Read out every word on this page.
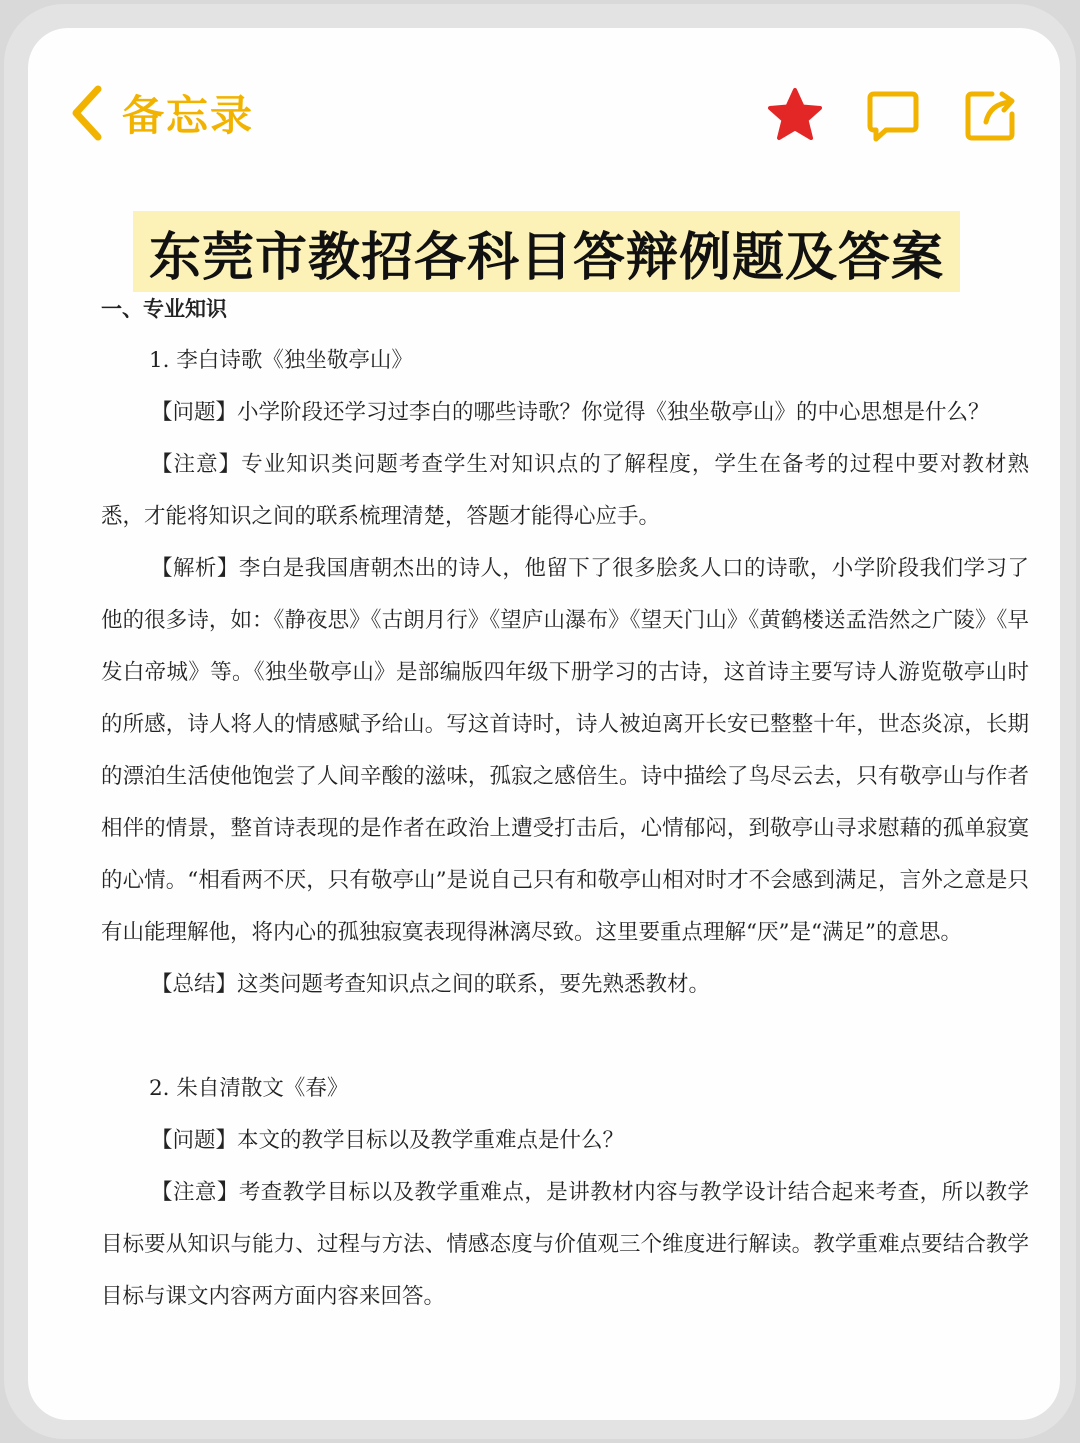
备忘录
东莞市教招各科目答辩例题及答案

一、专业知识

1. 李白诗歌《独坐敬亭山》

【问题】小学阶段还学习过李白的哪些诗歌？你觉得《独坐敬亭山》的中心思想是什么？

【注意】专业知识类问题考查学生对知识点的了解程度，学生在备考的过程中要对教材熟悉，才能将知识之间的联系梳理清楚，答题才能得心应手。

【解析】李白是我国唐朝杰出的诗人，他留下了很多脍炙人口的诗歌，小学阶段我们学习了他的很多诗，如：《静夜思》《古朗月行》《望庐山瀑布》《望天门山》《黄鹤楼送孟浩然之广陵》《早发白帝城》等。《独坐敬亭山》是部编版四年级下册学习的古诗，这首诗主要写诗人游览敬亭山时的所感，诗人将人的情感赋予给山。写这首诗时，诗人被迫离开长安已整整十年，世态炎凉，长期的漂泊生活使他饱尝了人间辛酸的滋味，孤寂之感倍生。诗中描绘了鸟尽云去，只有敬亭山与作者相伴的情景，整首诗表现的是作者在政治上遭受打击后，心情郁闷，到敬亭山寻求慰藉的孤单寂寞的心情。“相看两不厌，只有敬亭山”是说自己只有和敬亭山相对时才不会感到满足，言外之意是只有山能理解他，将内心的孤独寂寞表现得淋漓尽致。这里要重点理解“厌”是“满足”的意思。

【总结】这类问题考查知识点之间的联系，要先熟悉教材。

2. 朱自清散文《春》

【问题】本文的教学目标以及教学重难点是什么？

【注意】考查教学目标以及教学重难点，是讲教材内容与教学设计结合起来考查，所以教学目标要从知识与能力、过程与方法、情感态度与价值观三个维度进行解读。教学重难点要结合教学目标与课文内容两方面内容来回答。
